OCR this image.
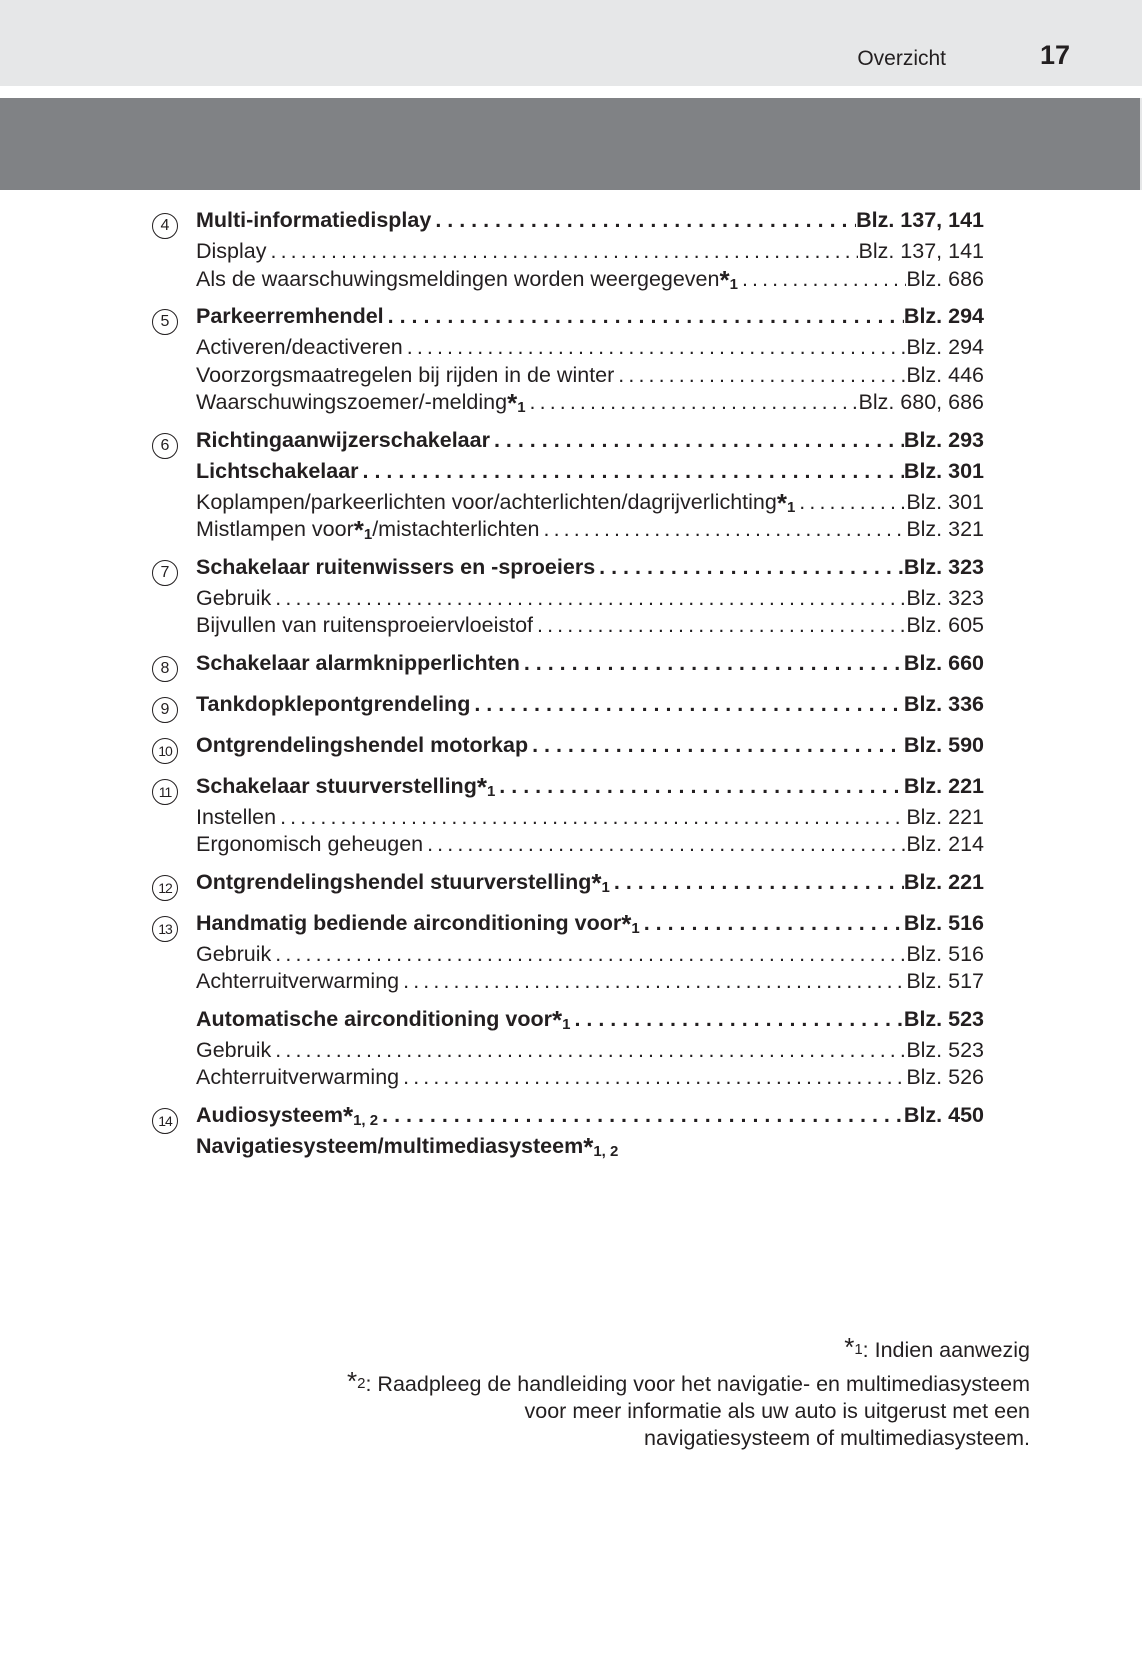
Overzicht	17
4	Multi-informatiedisplay . . .	Blz. 137, 141
Display .....	Blz. 137, 141
Als de waarschuwingsmeldingen worden weergegeven$^{*1}$ .....	Blz. 686
5	Parkeerremhendel . . .	Blz. 294
Activeren/deactiveren .....	Blz. 294
Voorzorgsmaatregelen bij rijden in de winter .....	Blz. 446
Waarschuwingszoemer/-melding$^{*1}$ .....	Blz. 680, 686
6	Richtingaanwijzerschakelaar . . .	Blz. 293
Lichtschakelaar . . .	Blz. 301
Koplampen/parkeerlichten voor/achterlichten/dagrijverlichting$^{*1}$ .....	Blz. 301
Mistlampen voor$^{*1}$/mistachterlichten .....	Blz. 321
7	Schakelaar ruitenwissers en -sproeiers . . .	Blz. 323
Gebruik .....	Blz. 323
Bijvullen van ruitensproeiervloeistof .....	Blz. 605
8	Schakelaar alarmknipperlichten . . .	Blz. 660
9	Tankdopklepontgrendeling . . .	Blz. 336
10 Ontgrendelingshendel motorkap . . .	Blz. 590
11	Schakelaar stuurverstelling$^{*1}$ . . .	Blz. 221
Instellen .....	Blz. 221
Ergonomisch geheugen .....	Blz. 214
12 Ontgrendelingshendel stuurverstelling$^{*1}$ . . .	Blz. 221
13 Handmatig bediende airconditioning voor$^{*1}$ . . .	Blz. 516
Gebruik .....	Blz. 516
Achterruitverwarming .....	Blz. 517
Automatische airconditioning voor$^{*1}$ . . .	Blz. 523
Gebruik .....	Blz. 523
Achterruitverwarming .....	Blz. 526
14 Audiosysteem$^{*1, 2}$ . . .	Blz. 450
Navigatiesysteem/multimediasysteem$^{*1, 2}$

*$^1$: Indien aanwezig

*$^2$: Raadpleeg de handleiding voor het navigatie- en multimediasysteem
voor meer informatie als uw auto is uitgerust met een
navigatiesysteem of multimediasysteem.
